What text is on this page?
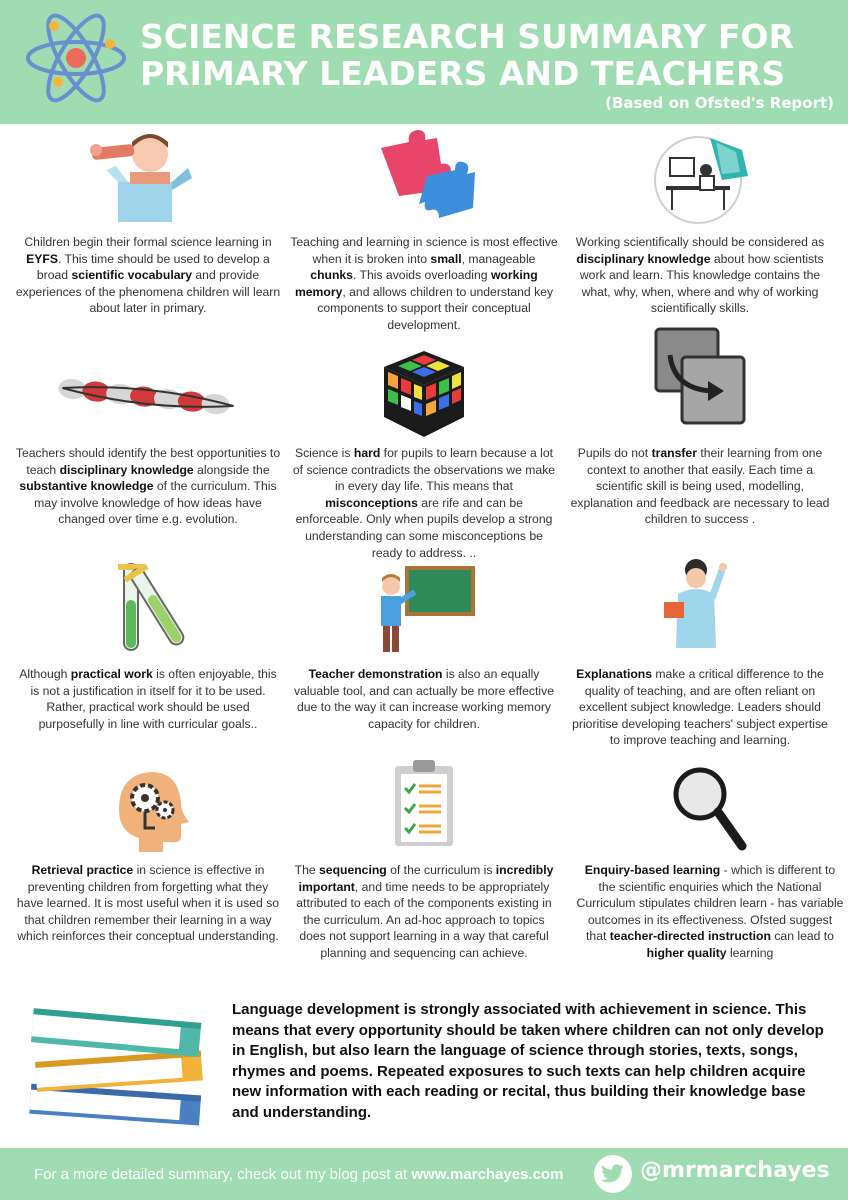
SCIENCE RESEARCH SUMMARY FOR
PRIMARY LEADERS AND TEACHERS
(Based on Ofsted's Report)
Children begin their formal science learning in EYFS. This time should be used to develop a broad scientific vocabulary and provide experiences of the phenomena children will learn about later in primary.
Teaching and learning in science is most effective when it is broken into small, manageable chunks. This avoids overloading working memory, and allows children to understand key components to support their conceptual development.
Working scientifically should be considered as disciplinary knowledge about how scientists work and learn. This knowledge contains the what, why, when, where and why of working scientifically skills.
Teachers should identify the best opportunities to teach disciplinary knowledge alongside the substantive knowledge of the curriculum. This may involve knowledge of how ideas have changed over time e.g. evolution.
Science is hard for pupils to learn because a lot of science contradicts the observations we make in every day life. This means that misconceptions are rife and can be enforceable. Only when pupils develop a strong understanding can some misconceptions be ready to address. ..
Pupils do not transfer their learning from one context to another that easily. Each time a scientific skill is being used, modelling, explanation and feedback are necessary to lead children to success .
Although practical work is often enjoyable, this is not a justification in itself for it to be used. Rather, practical work should be used purposefully in line with curricular goals..
Teacher demonstration is also an equally valuable tool, and can actually be more effective due to the way it can increase working memory capacity for children.
Explanations make a critical difference to the quality of teaching, and are often reliant on excellent subject knowledge. Leaders should prioritise developing teachers' subject expertise to improve teaching and learning.
Retrieval practice in science is effective in preventing children from forgetting what they have learned. It is most useful when it is used so that children remember their learning in a way which reinforces their conceptual understanding.
The sequencing of the curriculum is incredibly important, and time needs to be appropriately attributed to each of the components existing in the curriculum. An ad-hoc approach to topics does not support learning in a way that careful planning and sequencing can achieve.
Enquiry-based learning - which is different to the scientific enquiries which the National Curriculum stipulates children learn - has variable outcomes in its effectiveness. Ofsted suggest that teacher-directed instruction can lead to higher quality learning
Language development is strongly associated with achievement in science. This means that every opportunity should be taken where children can not only develop in English, but also learn the language of science through stories, texts, songs, rhymes and poems. Repeated exposures to such texts can help children acquire new information with each reading or recital, thus building their knowledge base and understanding.
For a more detailed summary, check out my blog post at www.marchayes.com	@mrmarchayes
